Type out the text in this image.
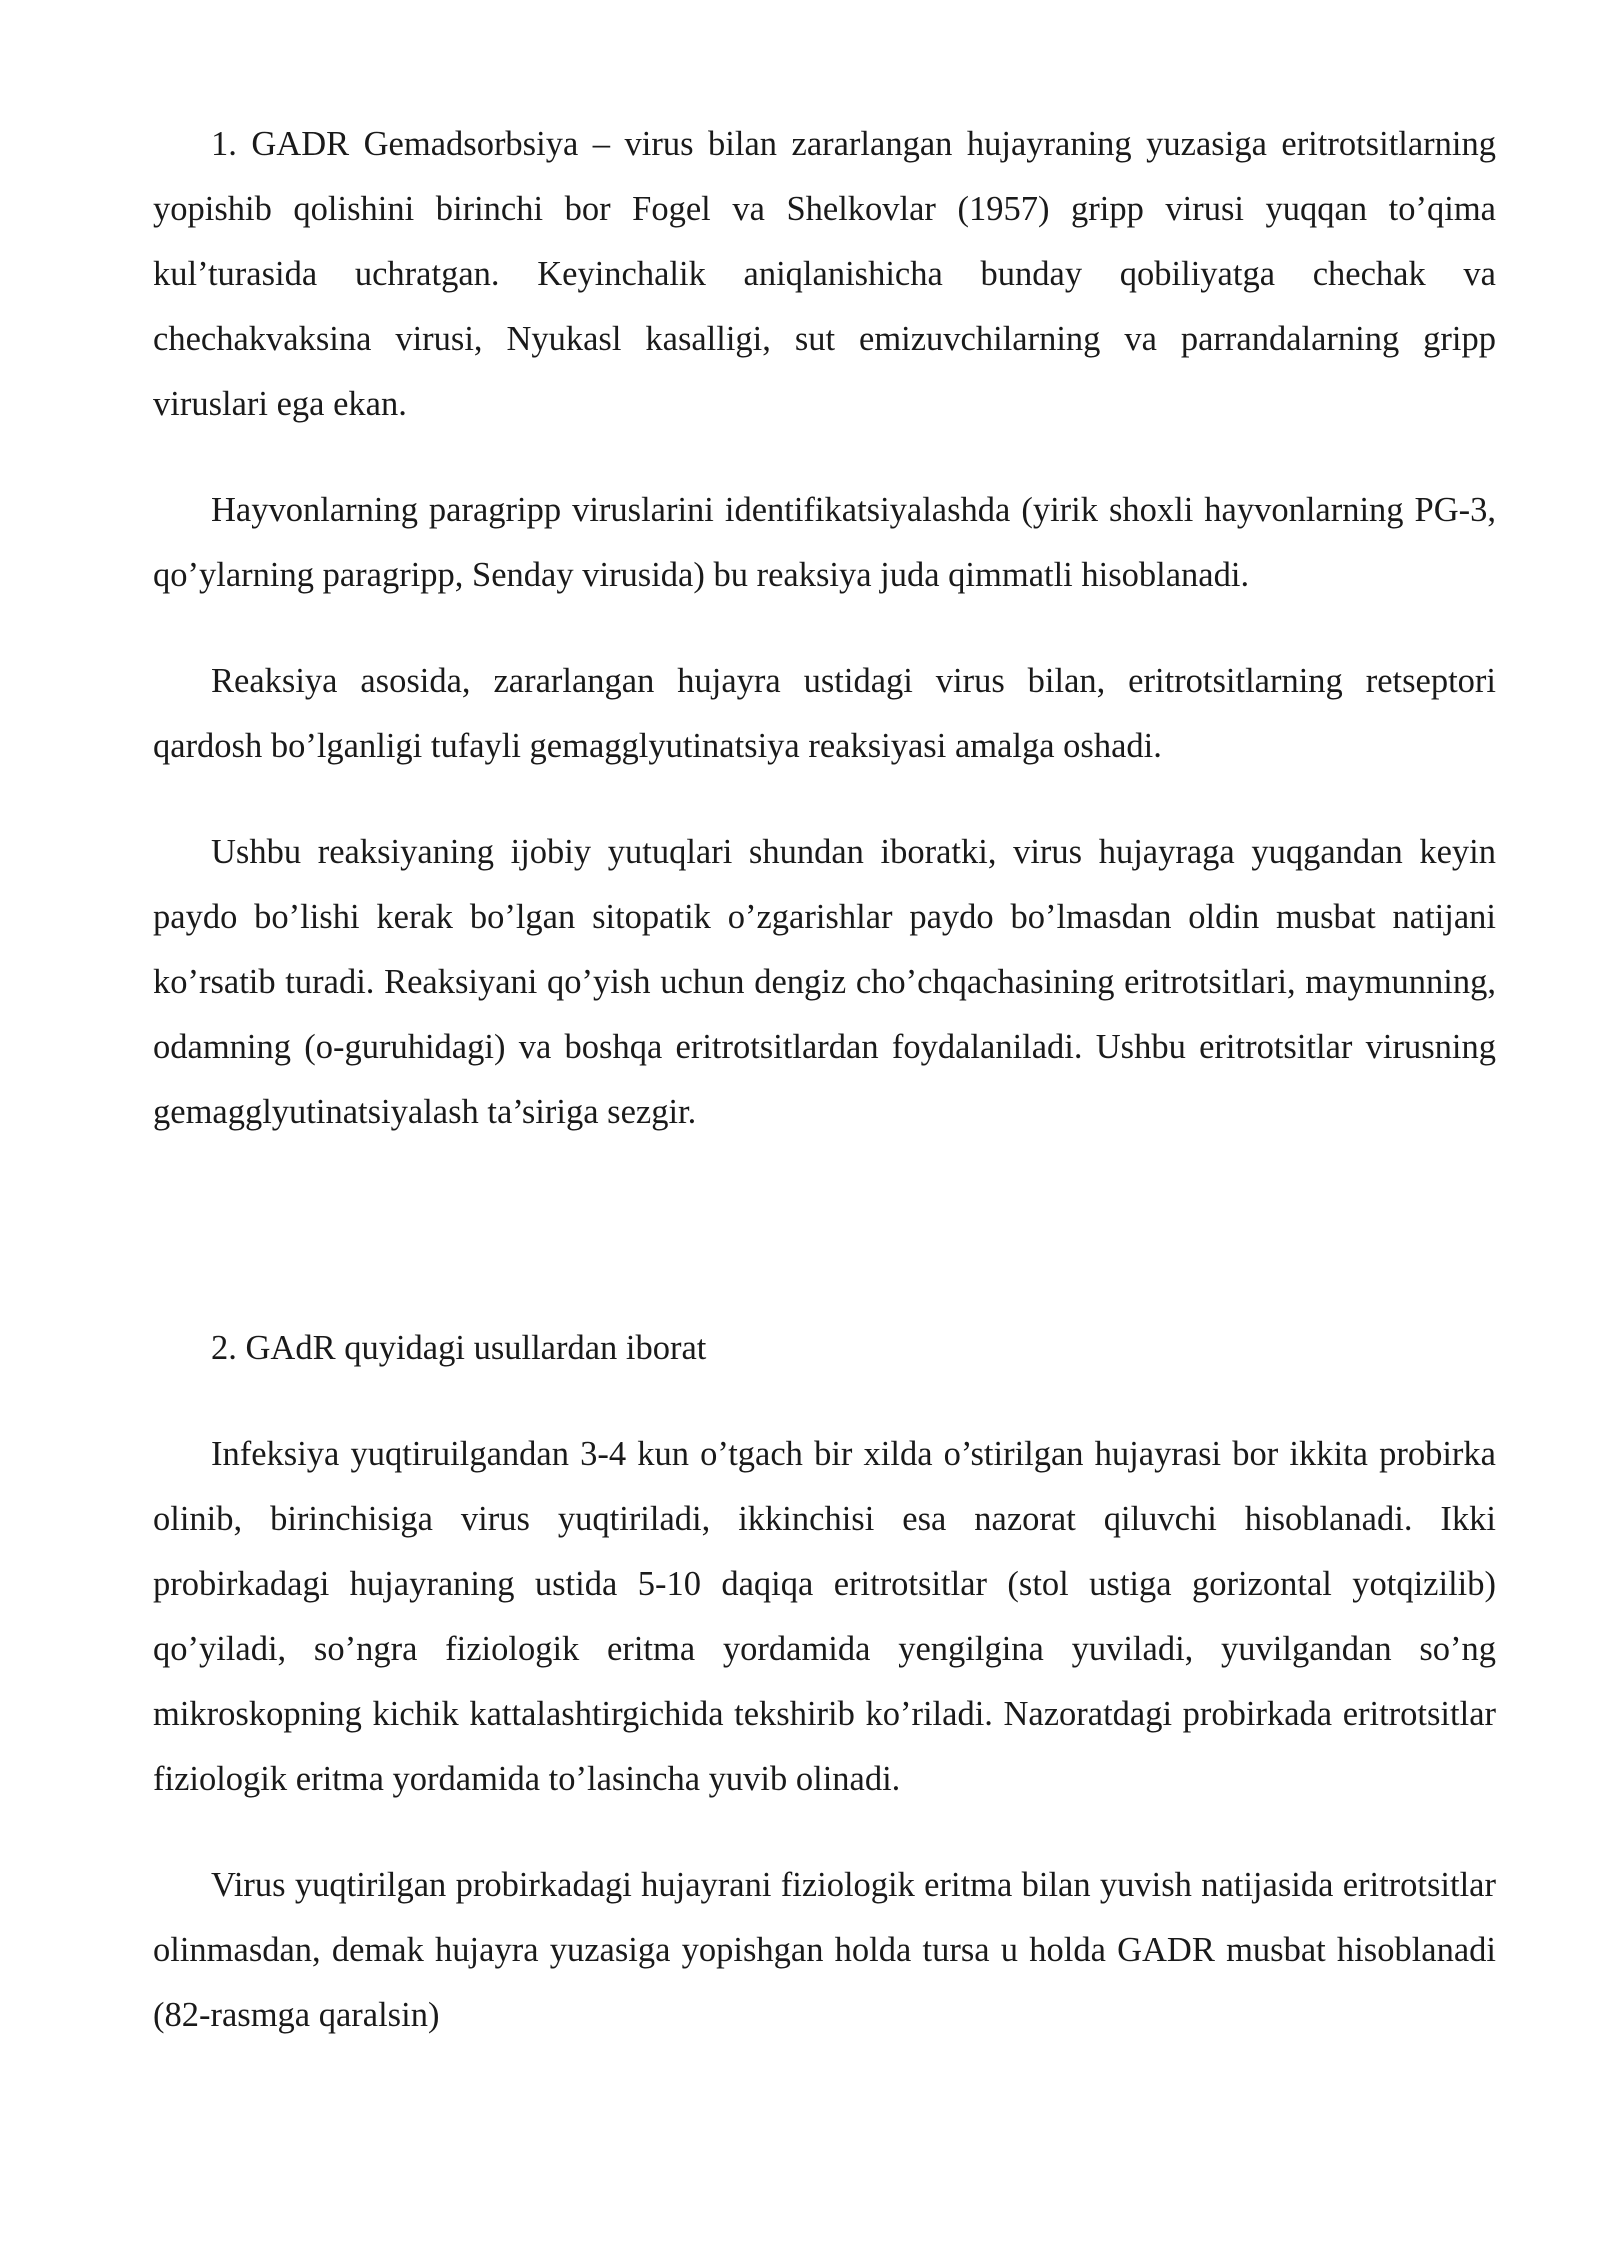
1. GADR Gemadsorbsiya – virus bilan zararlangan hujayraning yuzasiga eritrotsitlarning yopishib qolishini birinchi bor Fogel va Shelkovlar (1957) gripp virusi yuqqan to’qima kul’turasida uchratgan. Keyinchalik aniqlanishicha bunday qobiliyatga chechak va chechakvaksina virusi, Nyukasl kasalligi, sut emizuvchilarning va parrandalarning gripp viruslari ega ekan.

Hayvonlarning paragripp viruslarini identifikatsiyalashda (yirik shoxli hayvonlarning PG-3, qo’ylarning paragripp, Senday virusida) bu reaksiya juda qimmatli hisoblanadi.

Reaksiya asosida, zararlangan hujayra ustidagi virus bilan, eritrotsitlarning retseptori qardosh bo’lganligi tufayli gemagglyutinatsiya reaksiyasi amalga oshadi.

Ushbu reaksiyaning ijobiy yutuqlari shundan iboratki, virus hujayraga yuqgandan keyin paydo bo’lishi kerak bo’lgan sitopatik o’zgarishlar paydo bo’lmasdan oldin musbat natijani ko’rsatib turadi. Reaksiyani qo’yish uchun dengiz cho’chqachasining eritrotsitlari, maymunning, odamning (o-guruhidagi) va boshqa eritrotsitlardan foydalaniladi. Ushbu eritrotsitlar virusning gemagglyutinatsiyalash ta’siriga sezgir.

2. GAdR quyidagi usullardan iborat

Infeksiya yuqtiruilgandan 3-4 kun o’tgach bir xilda o’stirilgan hujayrasi bor ikkita probirka olinib, birinchisiga virus yuqtiriladi, ikkinchisi esa nazorat qiluvchi hisoblanadi. Ikki probirkadagi hujayraning ustida 5-10 daqiqa eritrotsitlar (stol ustiga gorizontal yotqizilib) qo’yiladi, so’ngra fiziologik eritma yordamida yengilgina yuviladi, yuvilgandan so’ng mikroskopning kichik kattalashtirgichida tekshirib ko’riladi. Nazoratdagi probirkada eritrotsitlar fiziologik eritma yordamida to’lasincha yuvib olinadi.

Virus yuqtirilgan probirkadagi hujayrani fiziologik eritma bilan yuvish natijasida eritrotsitlar olinmasdan, demak hujayra yuzasiga yopishgan holda tursa u holda GADR musbat hisoblanadi (82-rasmga qaralsin)
